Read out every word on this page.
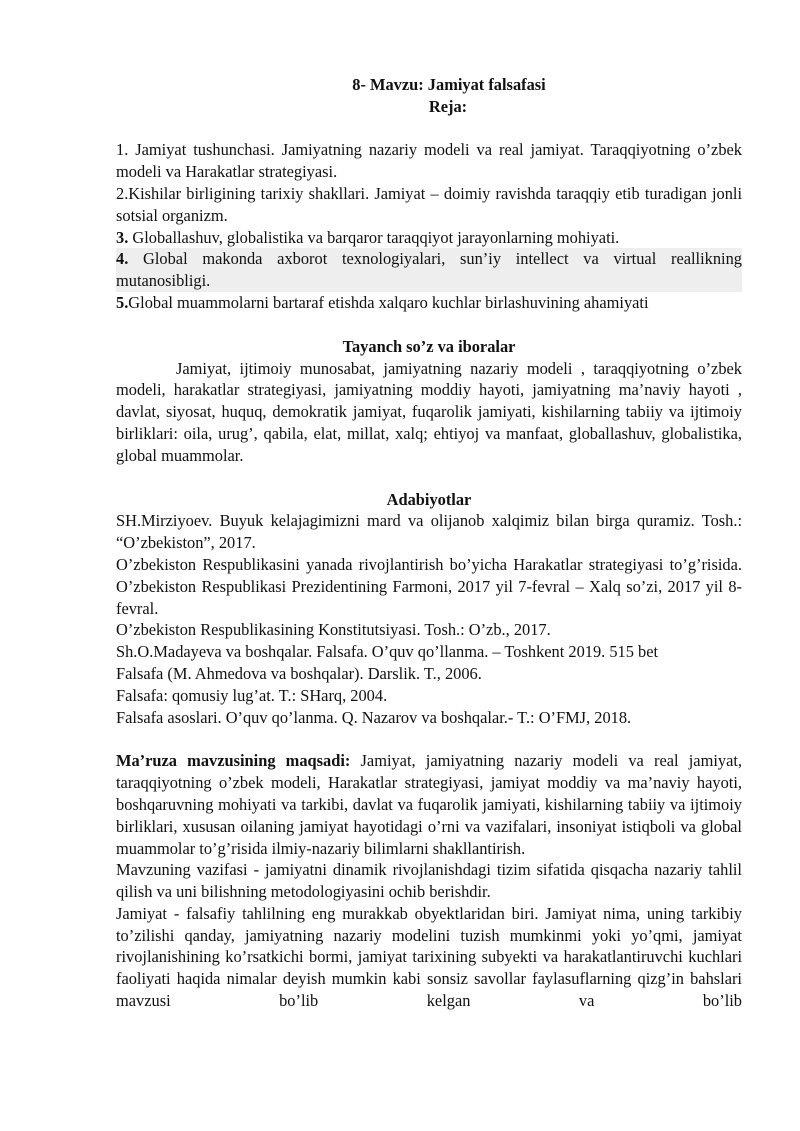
8- Mavzu: Jamiyat falsafasi

Reja:

1. Jamiyat tushunchasi. Jamiyatning nazariy modeli va real jamiyat. Taraqqiyotning o’zbek modeli va Harakatlar strategiyasi.

2.Kishilar birligining tarixiy shakllari. Jamiyat – doimiy ravishda taraqqiy etib turadigan jonli sotsial organizm.

3. Globallashuv, globalistika va barqaror taraqqiyot jarayonlarning mohiyati.

4. Global makonda axborot texnologiyalari, sun’iy intellect va virtual reallikning mutanosibligi.

5.Global muammolarni bartaraf etishda xalqaro kuchlar birlashuvining ahamiyati

Tayanch so’z va iboralar

Jamiyat, ijtimoiy munosabat, jamiyatning nazariy modeli , taraqqiyotning o’zbek modeli, harakatlar strategiyasi, jamiyatning moddiy hayoti, jamiyatning ma’naviy hayoti , davlat, siyosat, huquq, demokratik jamiyat, fuqarolik jamiyati, kishilarning tabiiy va ijtimoiy birliklari: oila, urug’, qabila, elat, millat, xalq; ehtiyoj va manfaat, globallashuv, globalistika, global muammolar.

Adabiyotlar

SH.Mirziyoev. Buyuk kelajagimizni mard va olijanob xalqimiz bilan birga quramiz. Tosh.: “O’zbekiston”, 2017.

O’zbekiston Respublikasini yanada rivojlantirish bo’yicha Harakatlar strategiyasi to’g’risida. O’zbekiston Respublikasi Prezidentining Farmoni, 2017 yil 7-fevral – Xalq so’zi, 2017 yil 8-fevral.

O’zbekiston Respublikasining Konstitutsiyasi. Tosh.: O’zb., 2017.

Sh.O.Madayeva va boshqalar. Falsafa. O’quv qo’llanma. – Toshkent 2019. 515 bet

Falsafa (M. Ahmedova va boshqalar). Darslik. T., 2006.

Falsafa: qomusiy lug’at. T.: SHarq, 2004.

Falsafa asoslari. O’quv qo’lanma. Q. Nazarov va boshqalar.- T.: O’FMJ, 2018.

Ma’ruza mavzusining maqsadi: Jamiyat, jamiyatning nazariy modeli va real jamiyat, taraqqiyotning o’zbek modeli, Harakatlar strategiyasi, jamiyat moddiy va ma’naviy hayoti, boshqaruvning mohiyati va tarkibi, davlat va fuqarolik jamiyati, kishilarning tabiiy va ijtimoiy birliklari, xususan oilaning jamiyat hayotidagi o’rni va vazifalari, insoniyat istiqboli va global muammolar to’g’risida ilmiy-nazariy bilimlarni shakllantirish.

Mavzuning vazifasi - jamiyatni dinamik rivojlanishdagi tizim sifatida qisqacha nazariy tahlil qilish va uni bilishning metodologiyasini ochib berishdir.

Jamiyat - falsafiy tahlilning eng murakkab obyektlaridan biri. Jamiyat nima, uning tarkibiy to’zilishi qanday, jamiyatning nazariy modelini tuzish mumkinmi yoki yo’qmi, jamiyat rivojlanishining ko’rsatkichi bormi, jamiyat tarixining subyekti va harakatlantiruvchi kuchlari faoliyati haqida nimalar deyish mumkin kabi sonsiz savollar faylasuflarning qizg’in bahslari mavzusi bo’lib kelgan va bo’lib
